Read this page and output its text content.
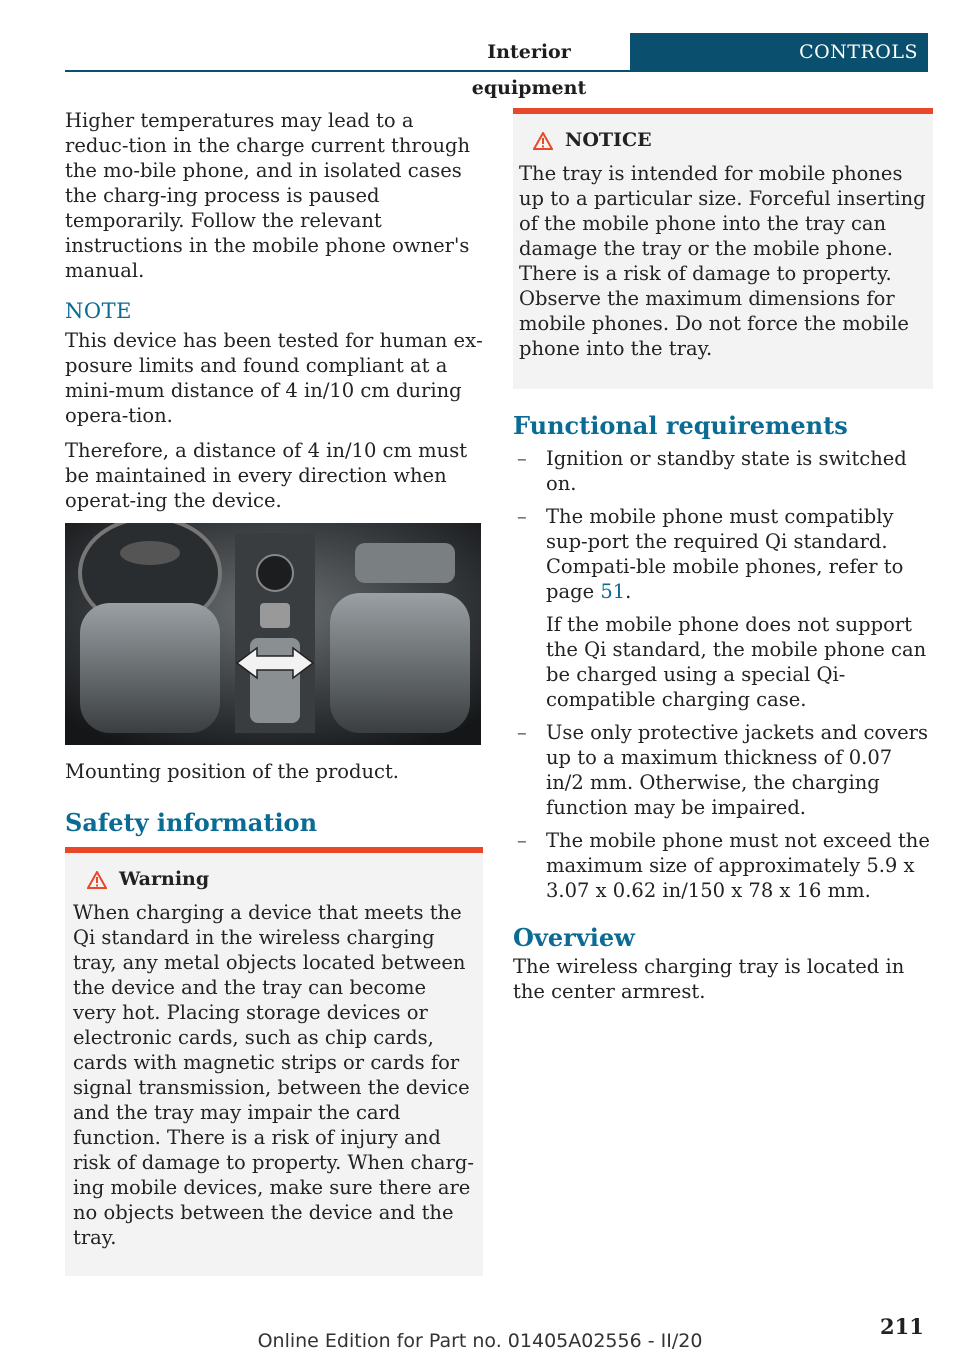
Interior equipment
CONTROLS

Higher temperatures may lead to a reduc‐tion in the charge current through the mo‐bile phone, and in isolated cases the charg‐ing process is paused temporarily. Follow the relevant instructions in the mobile phone owner's manual.

NOTE

This device has been tested for human ex‐posure limits and found compliant at a mini‐mum distance of 4 in/10 cm during opera‐tion.

Therefore, a distance of 4 in/10 cm must be maintained in every direction when operat‐ing the device.

Mounting position of the product.

Safety information
Warning

When charging a device that meets the Qi standard in the wireless charging tray, any metal objects located between the device and the tray can become very hot. Placing storage devices or electronic cards, such as chip cards, cards with magnetic strips or cards for signal transmission, between the device and the tray may impair the card function. There is a risk of injury and risk of damage to property. When charg‐ing mobile devices, make sure there are no objects between the device and the tray.

NOTICE

The tray is intended for mobile phones up to a particular size. Forceful inserting of the mobile phone into the tray can damage the tray or the mobile phone. There is a risk of damage to property. Observe the maximum dimensions for mobile phones. Do not force the mobile phone into the tray.

Functional requirements
– Ignition or standby state is switched on.
– The mobile phone must compatibly sup‐port the required Qi standard. Compati‐ble mobile phones, refer to page 51.
If the mobile phone does not support the Qi standard, the mobile phone can be charged using a special Qi-compatible charging case.
– Use only protective jackets and covers up to a maximum thickness of 0.07 in/2 mm. Otherwise, the charging function may be impaired.
– The mobile phone must not exceed the maximum size of approximately 5.9 x 3.07 x 0.62 in/150 x 78 x 16 mm.
Overview

The wireless charging tray is located in the center armrest.

211
Online Edition for Part no. 01405A02556 - II/20
